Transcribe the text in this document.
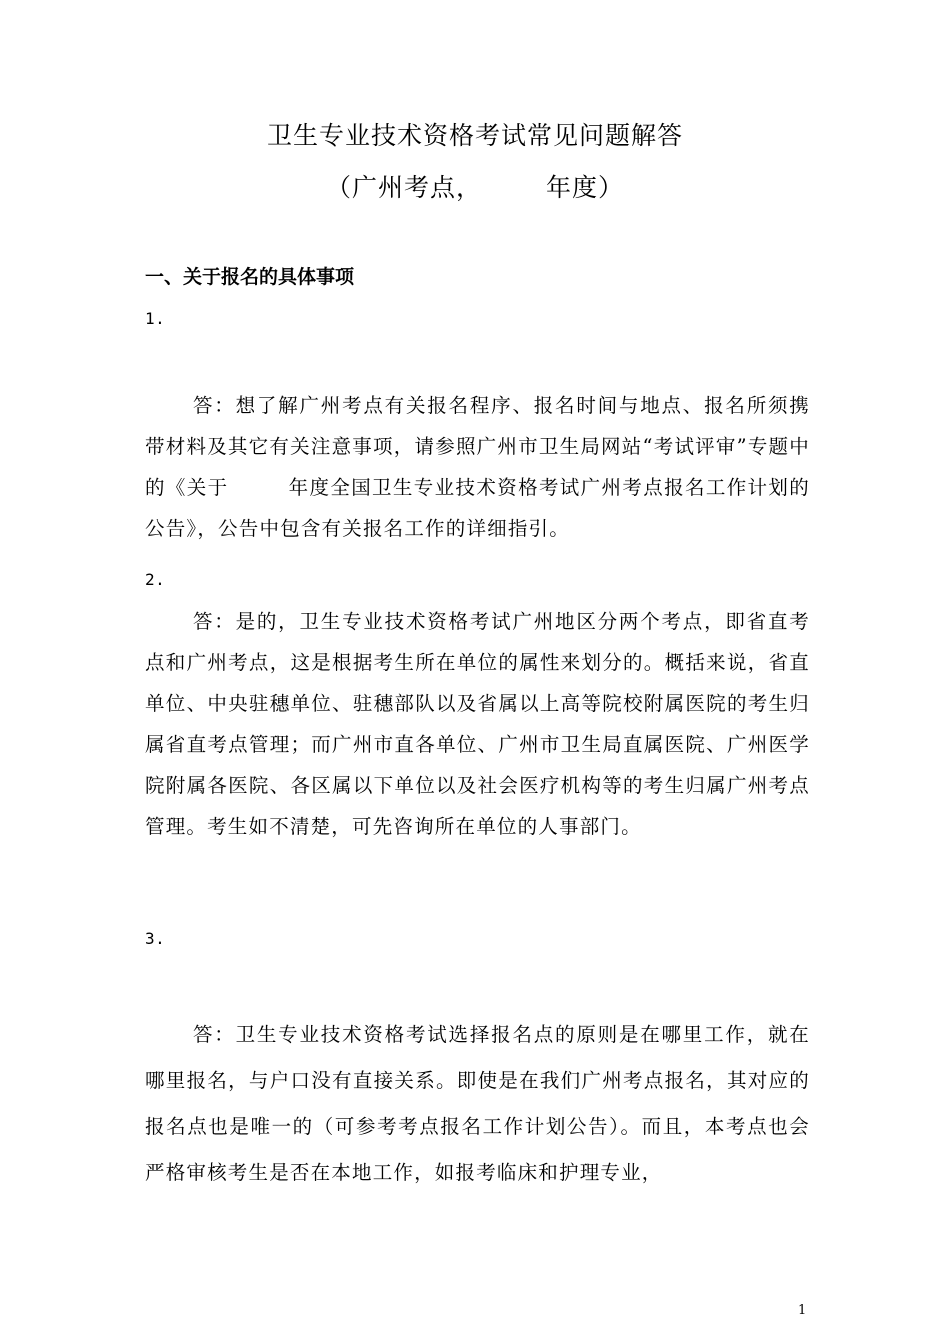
卫生专业技术资格考试常见问题解答
（广州考点，	年度）
一、关于报名的具体事项
1.
答：想了解广州考点有关报名程序、报名时间与地点、报名所须携带材料及其它有关注意事项，请参照广州市卫生局网站“考试评审”专题中的《关于	年度全国卫生专业技术资格考试广州考点报名工作计划的公告》，公告中包含有关报名工作的详细指引。
2.
答：是的，卫生专业技术资格考试广州地区分两个考点，即省直考点和广州考点，这是根据考生所在单位的属性来划分的。概括来说，省直单位、中央驻穗单位、驻穗部队以及省属以上高等院校附属医院的考生归属省直考点管理；而广州市直各单位、广州市卫生局直属医院、广州医学院附属各医院、各区属以下单位以及社会医疗机构等的考生归属广州考点管理。考生如不清楚，可先咨询所在单位的人事部门。
3.
答：卫生专业技术资格考试选择报名点的原则是在哪里工作，就在哪里报名，与户口没有直接关系。即使是在我们广州考点报名，其对应的报名点也是唯一的（可参考考点报名工作计划公告）。而且，本考点也会严格审核考生是否在本地工作，如报考临床和护理专业，
1
